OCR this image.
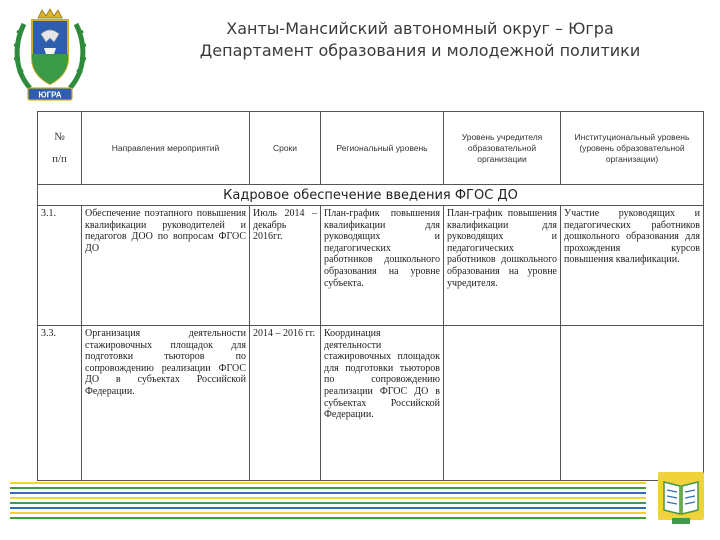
ЮГРА
Ханты-Мансийский автономный округ – Югра
Департамент образования и молодежной политики
№
п/п	Направления мероприятий	Сроки	Региональный уровень	Уровень учредителя образовательной организации	Институциональный уровень (уровень образовательной организации)
Кадровое обеспечение введения ФГОС ДО					
3.1.	Обеспечение поэтапного повышения квалификации руководителей и педагогов ДОО по вопросам ФГОС ДО	Июль 2014 –декабрь 2016гг.	План-график повышения квалификации для руководящих и педагогических работников дошкольного образования на уровне субъекта.	План-график повышения квалификации для руководящих и педагогических работников дошкольного образования на уровне учредителя.	Участие руководящих и педагогических работников дошкольного образования для прохождения курсов повышения квалификации.
3.3.	Организация деятельности стажировочных площадок для подготовки тьюторов по сопровождению реализации ФГОС ДО в субъектах Российской Федерации.	2014 – 2016 гг.	Координация деятельности стажировочных площадок для подготовки тьюторов по сопровождению реализации ФГОС ДО в субъектах Российской Федерации.		
